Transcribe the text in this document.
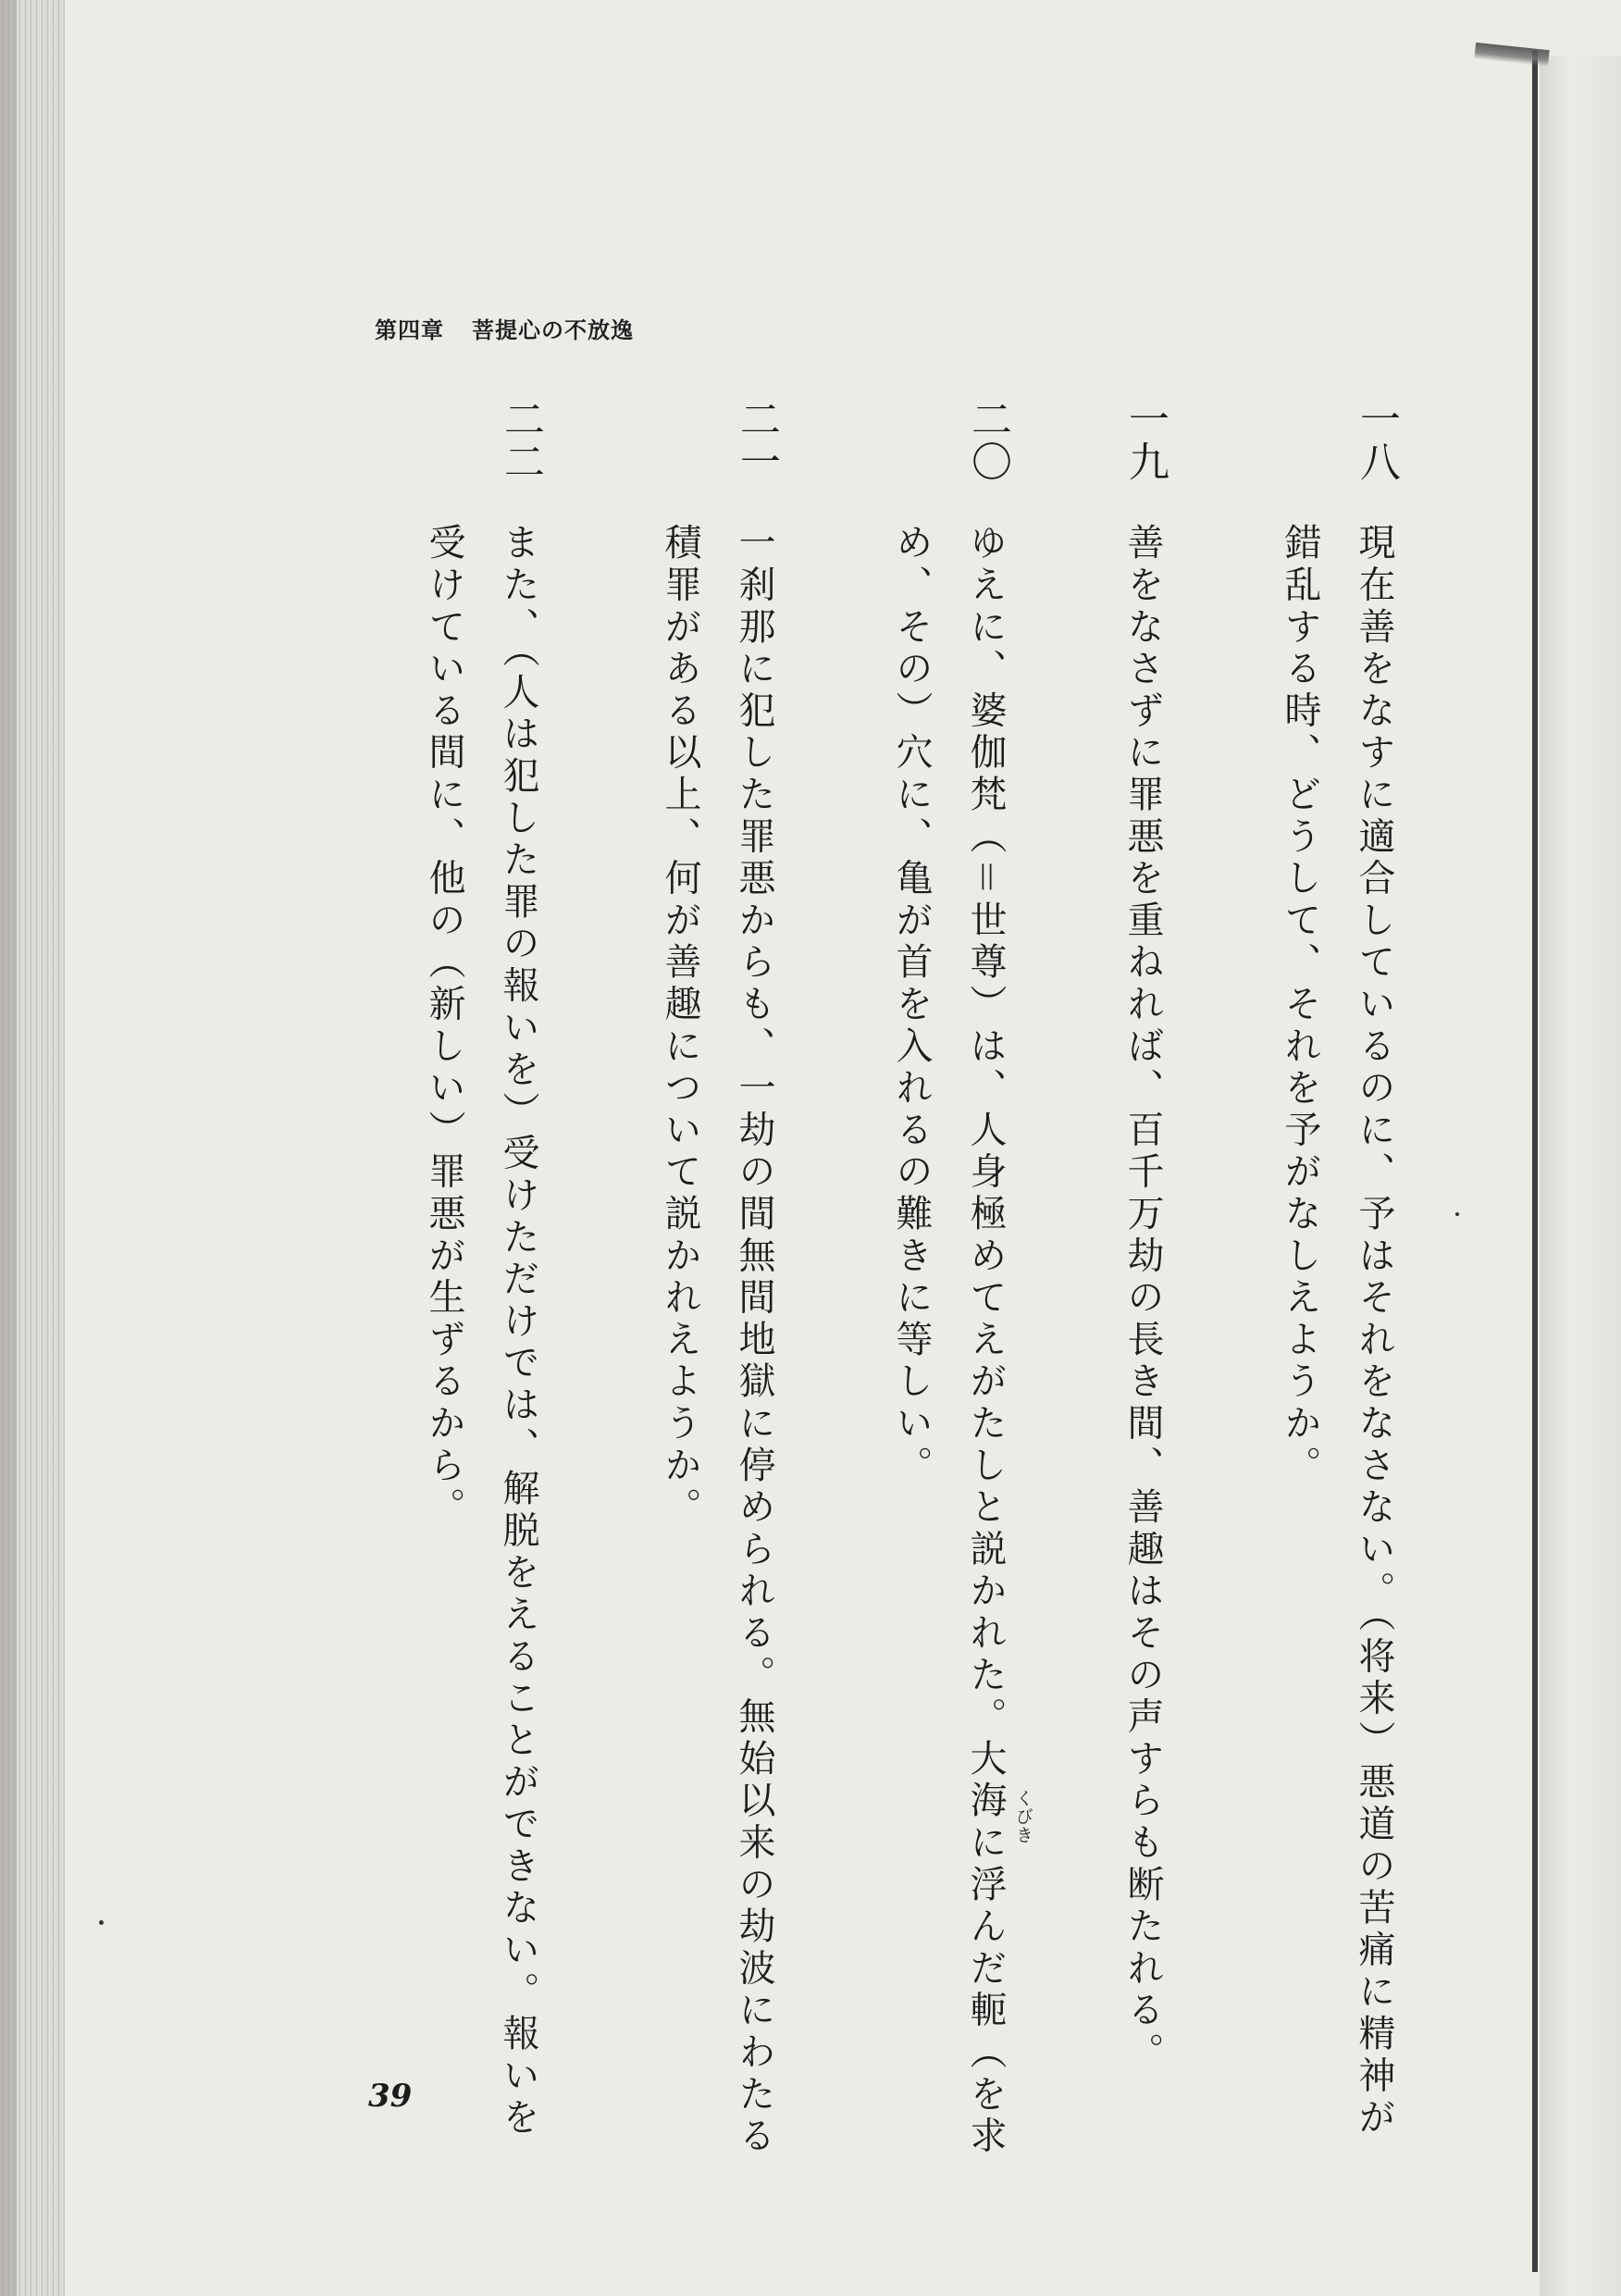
第四章 菩提心の不放逸
一八
現在善をなすに適合しているのに、予はそれをなさない。（将来）悪道の苦痛に精神が
錯乱する時、どうして、それを予がなしえようか。
一九
善をなさずに罪悪を重ねれば、百千万劫の長き間、善趣はその声すらも断たれる。
二〇
ゆえに、婆伽梵（＝世尊）は、人身極めてえがたしと説かれた。大海に浮んだ軛（を求 くびき
め、その）穴に、亀が首を入れるの難きに等しい。
二一
一刹那に犯した罪悪からも、一劫の間無間地獄に停められる。無始以来の劫波にわたる
積罪がある以上、何が善趣について説かれえようか。
二二
また、（人は犯した罪の報いを）受けただけでは、解脱をえることができない。報いを
受けている間に、他の（新しい）罪悪が生ずるから。
39
